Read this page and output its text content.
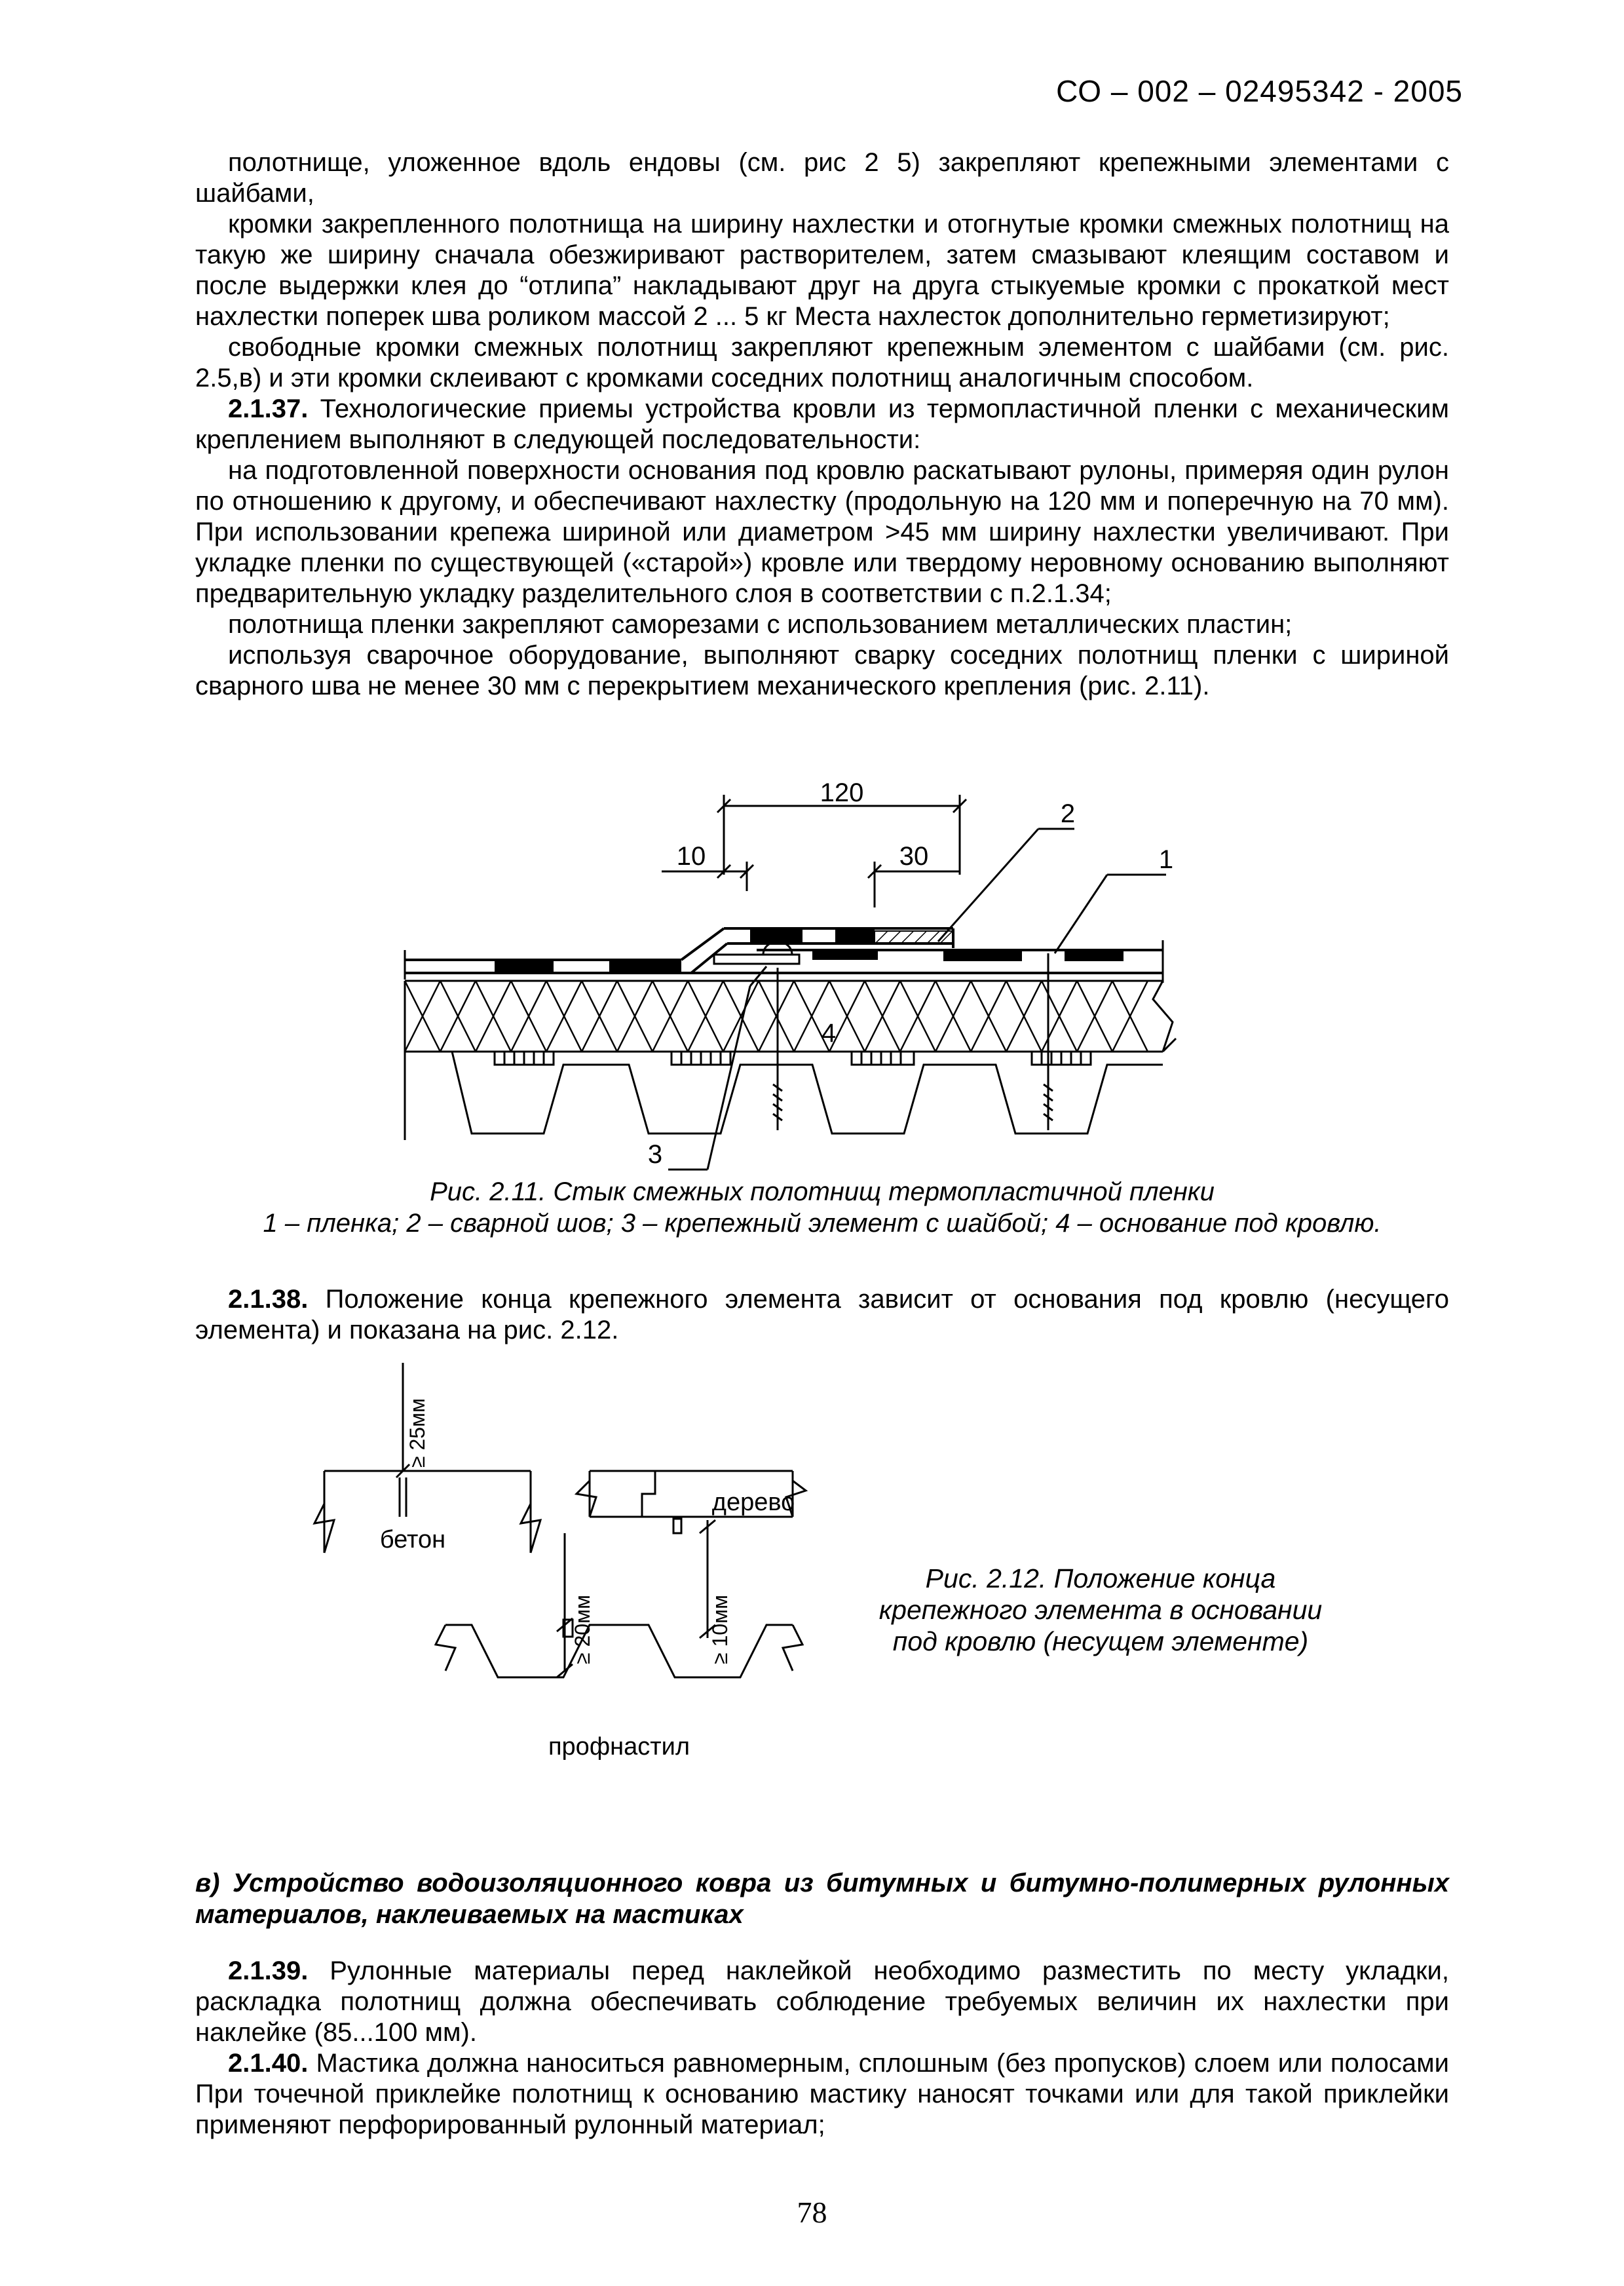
СО – 002 – 02495342 - 2005

полотнище, уложенное вдоль ендовы (см. рис 2 5) закрепляют крепежными элементами с шайбами,

кромки закрепленного полотнища на ширину нахлестки и отогнутые кромки смежных полотнищ на такую же ширину сначала обезжиривают растворителем, затем смазывают клеящим составом и после выдержки клея до “отлипа” накладывают друг на друга стыкуемые кромки с прокаткой мест нахлестки поперек шва роликом массой 2 ... 5 кг Места нахлесток дополнительно герметизируют;

свободные кромки смежных полотнищ закрепляют крепежным элементом с шайбами (см. рис. 2.5,в) и эти кромки склеивают с кромками соседних полотнищ аналогичным способом.

2.1.37. Технологические приемы устройства кровли из термопластичной пленки с механическим креплением выполняют в следующей последовательности:

на подготовленной поверхности основания под кровлю раскатывают рулоны, примеряя один рулон по отношению к другому, и обеспечивают нахлестку (продольную на 120 мм и поперечную на 70 мм). При использовании крепежа шириной или диаметром >45 мм ширину нахлестки увеличивают. При укладке пленки по существующей («старой») кровле или твердому неровному основанию выполняют предварительную укладку разделительного слоя в соответствии с п.2.1.34;

полотнища пленки закрепляют саморезами с использованием металлических пластин;

используя сварочное оборудование, выполняют сварку соседних полотнищ пленки с шириной сварного шва не менее 30 мм с перекрытием механического крепления (рис. 2.11).

120
10	30	1
2
3
4
Рис. 2.11. Стык смежных полотнищ термопластичной пленки
1 – пленка; 2 – сварной шов; 3 – крепежный элемент с шайбой; 4 – основание под кровлю.

2.1.38. Положение конца крепежного элемента зависит от основания под кровлю (несущего элемента) и показана на рис. 2.12.

≥ 25мм
≥ 20мм	≥ 10мм
бетон
дерево
профнастил
Рис. 2.12. Положение конца крепежного элемента в основании под кровлю (несущем элементе)
в) Устройство водоизоляционного ковра из битумных и битумно-полимерных рулонных материалов, наклеиваемых на мастиках

2.1.39. Рулонные материалы перед наклейкой необходимо разместить по месту укладки, раскладка полотнищ должна обеспечивать соблюдение требуемых величин их нахлестки при наклейке (85...100 мм).

2.1.40. Мастика должна наноситься равномерным, сплошным (без пропусков) слоем или полосами При точечной приклейке полотнищ к основанию мастику наносят точками или для такой приклейки применяют перфорированный рулонный материал;

78
